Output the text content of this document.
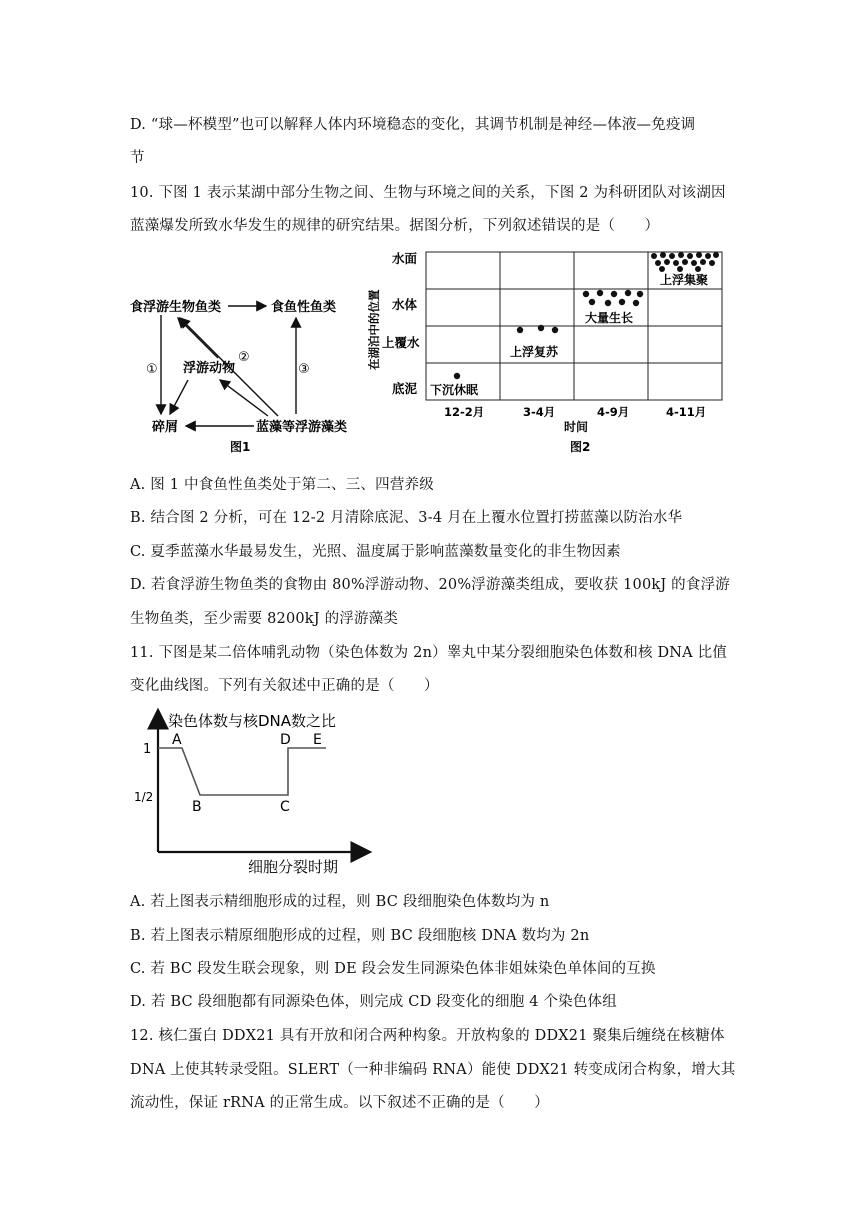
D. “球—杯模型”也可以解释人体内环境稳态的变化，其调节机制是神经—体液—免疫调
节
10. 下图 1 表示某湖中部分生物之间、生物与环境之间的关系，下图 2 为科研团队对该湖因
蓝藻爆发所致水华发生的规律的研究结果。据图分析，下列叙述错误的是（　　）
食浮游生物鱼类	食鱼性鱼类
浮游动物
碎屑	蓝藻等浮游藻类
①
②
③
图1
在湖泊中的位置
水面
水体
上覆水
底泥
12-2月	3-4月	4-9月	4-11月
时间
图2
下沉休眠
上浮复苏
大量生长
上浮集聚
A. 图 1 中食鱼性鱼类处于第二、三、四营养级
B. 结合图 2 分析，可在 12-2 月清除底泥、3-4 月在上覆水位置打捞蓝藻以防治水华
C. 夏季蓝藻水华最易发生，光照、温度属于影响蓝藻数量变化的非生物因素
D. 若食浮游生物鱼类的食物由 80%浮游动物、20%浮游藻类组成，要收获 100kJ 的食浮游
生物鱼类，至少需要 8200kJ 的浮游藻类
11. 下图是某二倍体哺乳动物（染色体数为 2n）睾丸中某分裂细胞染色体数和核 DNA 比值
变化曲线图。下列有关叙述中正确的是（　　）
染色体数与核DNA数之比
细胞分裂时期
1
1/2
A
B	C
D E
A. 若上图表示精细胞形成的过程，则 BC 段细胞染色体数均为 n
B. 若上图表示精原细胞形成的过程，则 BC 段细胞核 DNA 数均为 2n
C. 若 BC 段发生联会现象，则 DE 段会发生同源染色体非姐妹染色单体间的互换
D. 若 BC 段细胞都有同源染色体，则完成 CD 段变化的细胞 4 个染色体组
12. 核仁蛋白 DDX21 具有开放和闭合两种构象。开放构象的 DDX21 聚集后缠绕在核糖体
DNA 上使其转录受阻。SLERT（一种非编码 RNA）能使 DDX21 转变成闭合构象，增大其
流动性，保证 rRNA 的正常生成。以下叙述不正确的是（　　）
